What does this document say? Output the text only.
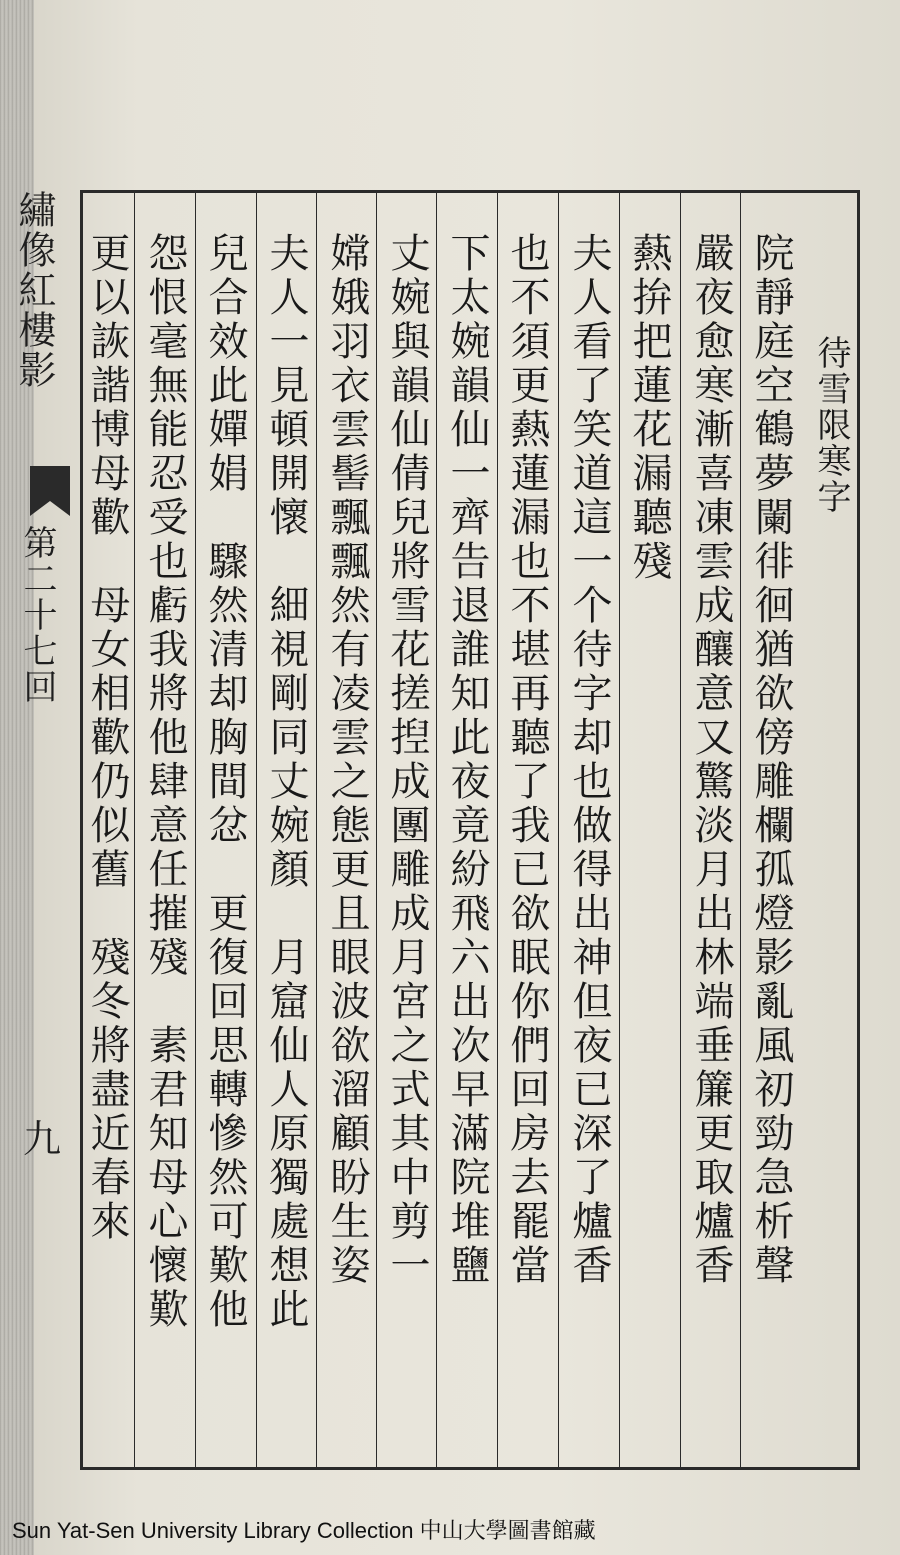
繡像紅樓影
第二十七回
九
待雪限寒字
院靜庭空鶴夢闌徘徊猶欲傍雕欄孤燈影亂風初勁急析聲
嚴夜愈寒漸喜凍雲成釀意又驚淡月出林端垂簾更取爐香
爇拚把蓮花漏聽殘
夫人看了笑道這一个待字却也做得出神但夜已深了爐香
也不須更爇蓮漏也不堪再聽了我已欲眠你們回房去罷當
下太婉韻仙一齊告退誰知此夜竟紛飛六出次早滿院堆鹽
丈婉與韻仙倩兒將雪花搓揑成團雕成月宮之式其中剪一
嫦娥羽衣雲髻飄飄然有凌雲之態更且眼波欲溜顧盼生姿
夫人一見頓開懷　細視剛同丈婉顏　月窟仙人原獨處想此
兒合效此嬋娟　驟然清却胸間忿　更復回思轉慘然可歎他
怨恨毫無能忍受也虧我將他肆意任摧殘　素君知母心懷歎
更以詼諧博母歡　母女相歡仍似舊　殘冬將盡近春來
Sun Yat-Sen University Library Collection 中山大學圖書館藏
